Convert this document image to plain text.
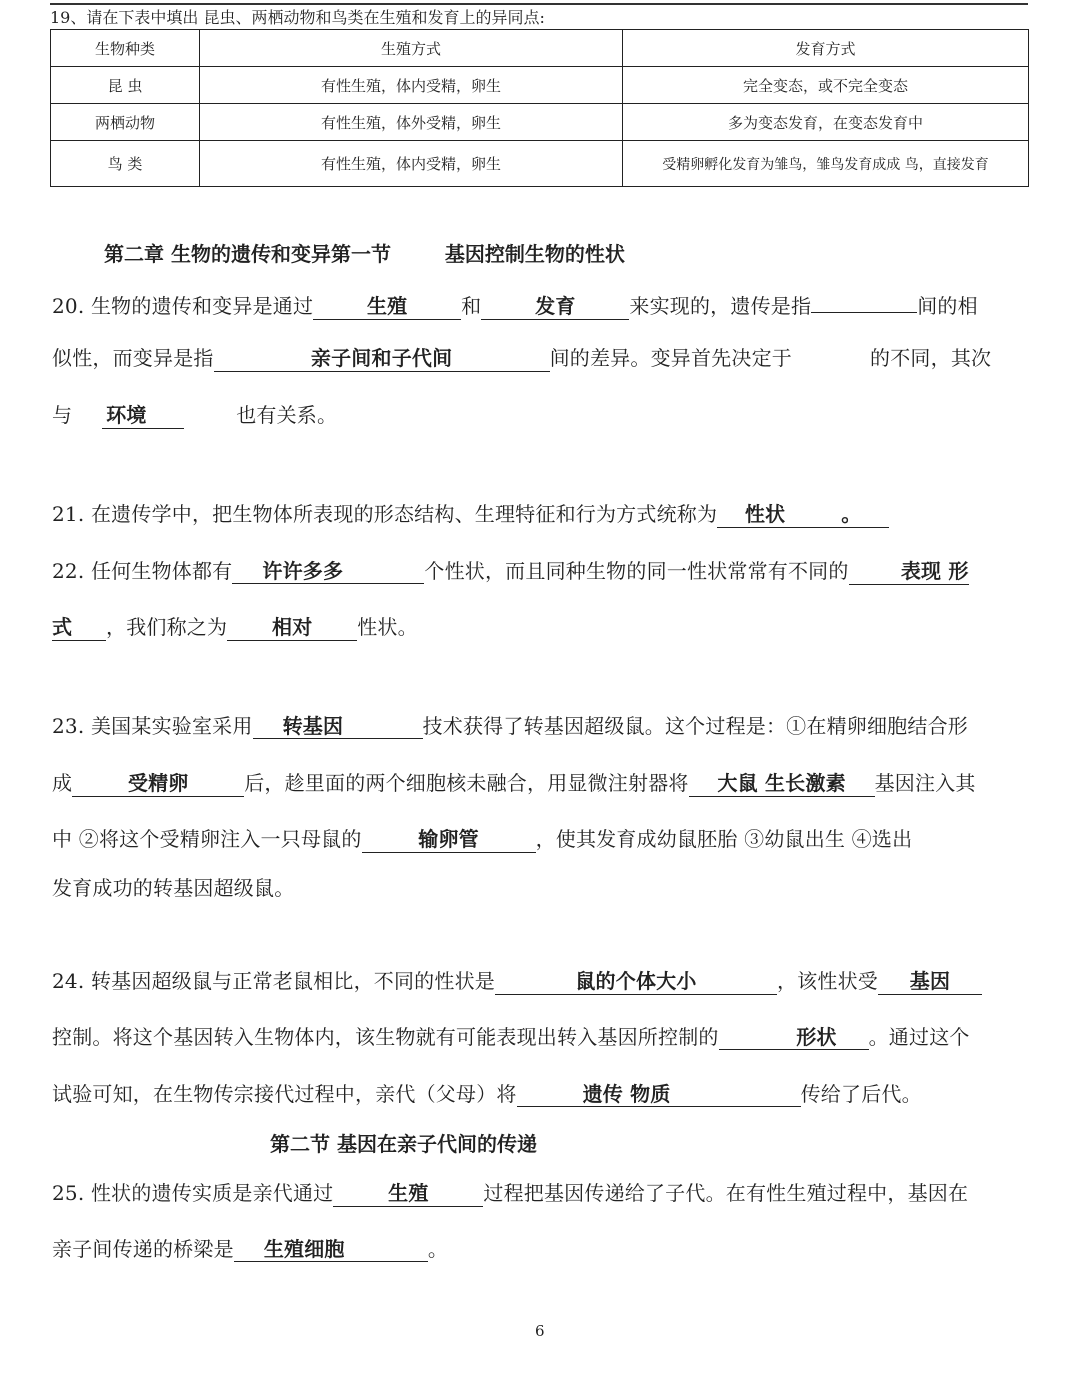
19、请在下表中填出 昆虫、两栖动物和鸟类在生殖和发育上的异同点:
生物种类	生殖方式	发育方式
昆 虫	有性生殖，体内受精，卵生	完全变态，或不完全变态
两栖动物	有性生殖，体外受精，卵生	多为变态发育，在变态发育中
鸟 类	有性生殖，体内受精，卵生	受精卵孵化发育为雏鸟，雏鸟发育成成 鸟，直接发育
第二章 生物的遗传和变异第一节	基因控制生物的性状
20. 生物的遗传和变异是通过	生殖	和	发育	来实现的，遗传是指	间的相
似性，而变异是指	亲子间和子代间	间的差异。变异首先决定于	的不同，其次
与 环境	也有关系。
21. 在遗传学中，把生物体所表现的形态结构、生理特征和行为方式统称为 性状	。
22. 任何生物体都有 许许多多	个性状，而且同种生物的同一性状常常有不同的	表现 形
式 ，我们称之为 相对 性状。
23. 美国某实验室采用 转基因	技术获得了转基因超级鼠。这个过程是：①在精卵细胞结合形
成	受精卵	后，趁里面的两个细胞核未融合，用显微注射器将 大鼠 生长激素 基因注入其
中 ②将这个受精卵注入一只母鼠的	输卵管	，使其发育成幼鼠胚胎 ③幼鼠出生 ④选出
发育成功的转基因超级鼠。
24. 转基因超级鼠与正常老鼠相比，不同的性状是	鼠的个体大小	，该性状受 基因
控制。将这个基因转入生物体内，该生物就有可能表现出转入基因所控制的	形状 。通过这个
试验可知，在生物传宗接代过程中，亲代（父母）将	遗传 物质	传给了后代。
第二节 基因在亲子代间的传递
25. 性状的遗传实质是亲代通过	生殖	过程把基因传递给了子代。在有性生殖过程中，基因在
亲子间传递的桥梁是 生殖细胞	。
6
